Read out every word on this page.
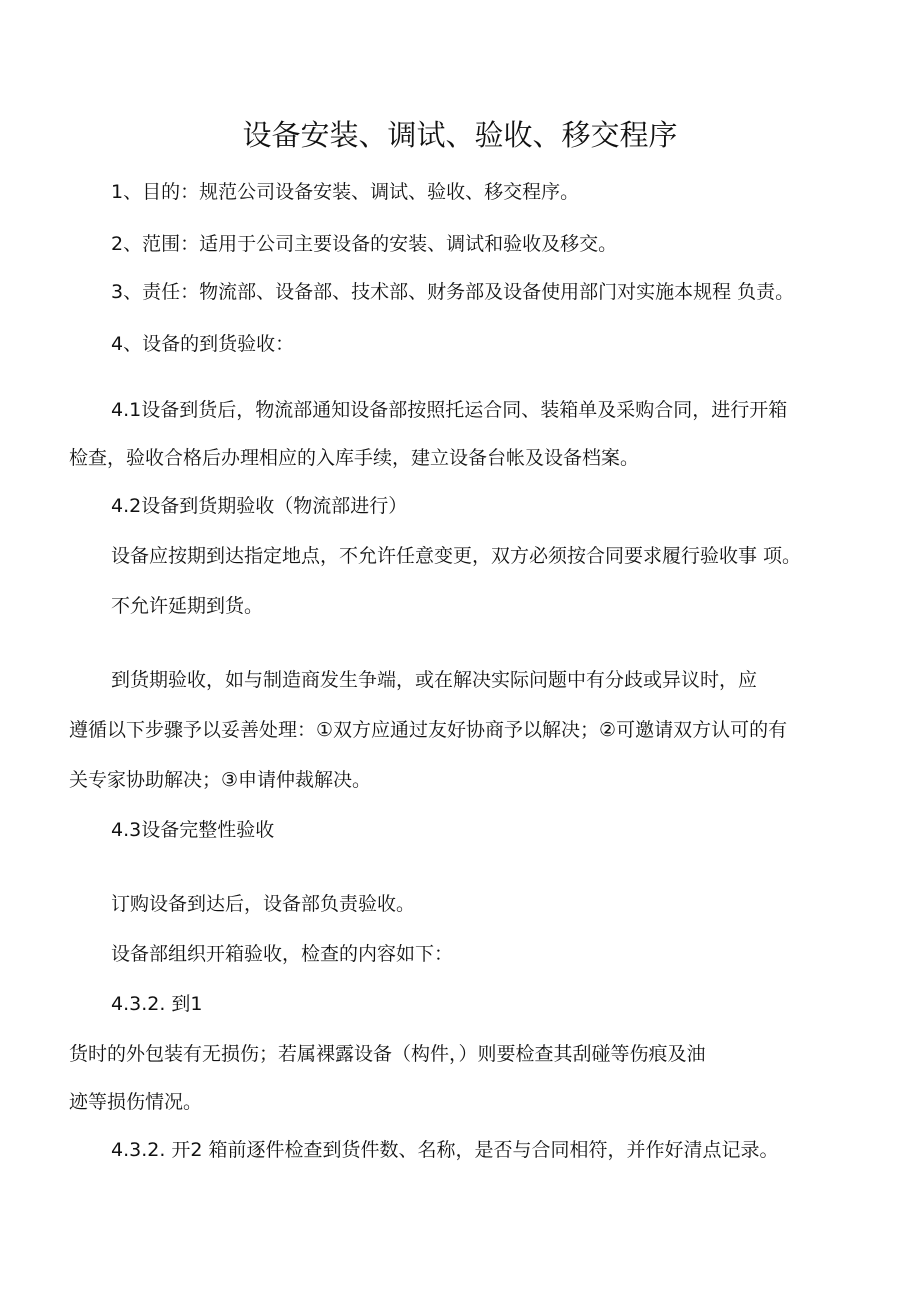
设备安装、调试、验收、移交程序
1、目的：规范公司设备安装、调试、验收、移交程序。
2、范围：适用于公司主要设备的安装、调试和验收及移交。
3、责任：物流部、设备部、技术部、财务部及设备使用部门对实施本规程 负责。
4、设备的到货验收：
4.1设备到货后，物流部通知设备部按照托运合同、装箱单及采购合同，进行开箱
检查，验收合格后办理相应的入库手续，建立设备台帐及设备档案。
4.2设备到货期验收（物流部进行）
设备应按期到达指定地点，不允许任意变更，双方必须按合同要求履行验收事 项。
不允许延期到货。
到货期验收，如与制造商发生争端，或在解决实际问题中有分歧或异议时，应
遵循以下步骤予以妥善处理：①双方应通过友好协商予以解决；②可邀请双方认可的有
关专家协助解决；③申请仲裁解决。
4.3设备完整性验收
订购设备到达后，设备部负责验收。
设备部组织开箱验收，检查的内容如下：
4.3.2. 到1
货时的外包装有无损伤；若属裸露设备（构件，）则要检查其刮碰等伤痕及油
迹等损伤情况。
4.3.2. 开2 箱前逐件检查到货件数、名称，是否与合同相符，并作好清点记录。
